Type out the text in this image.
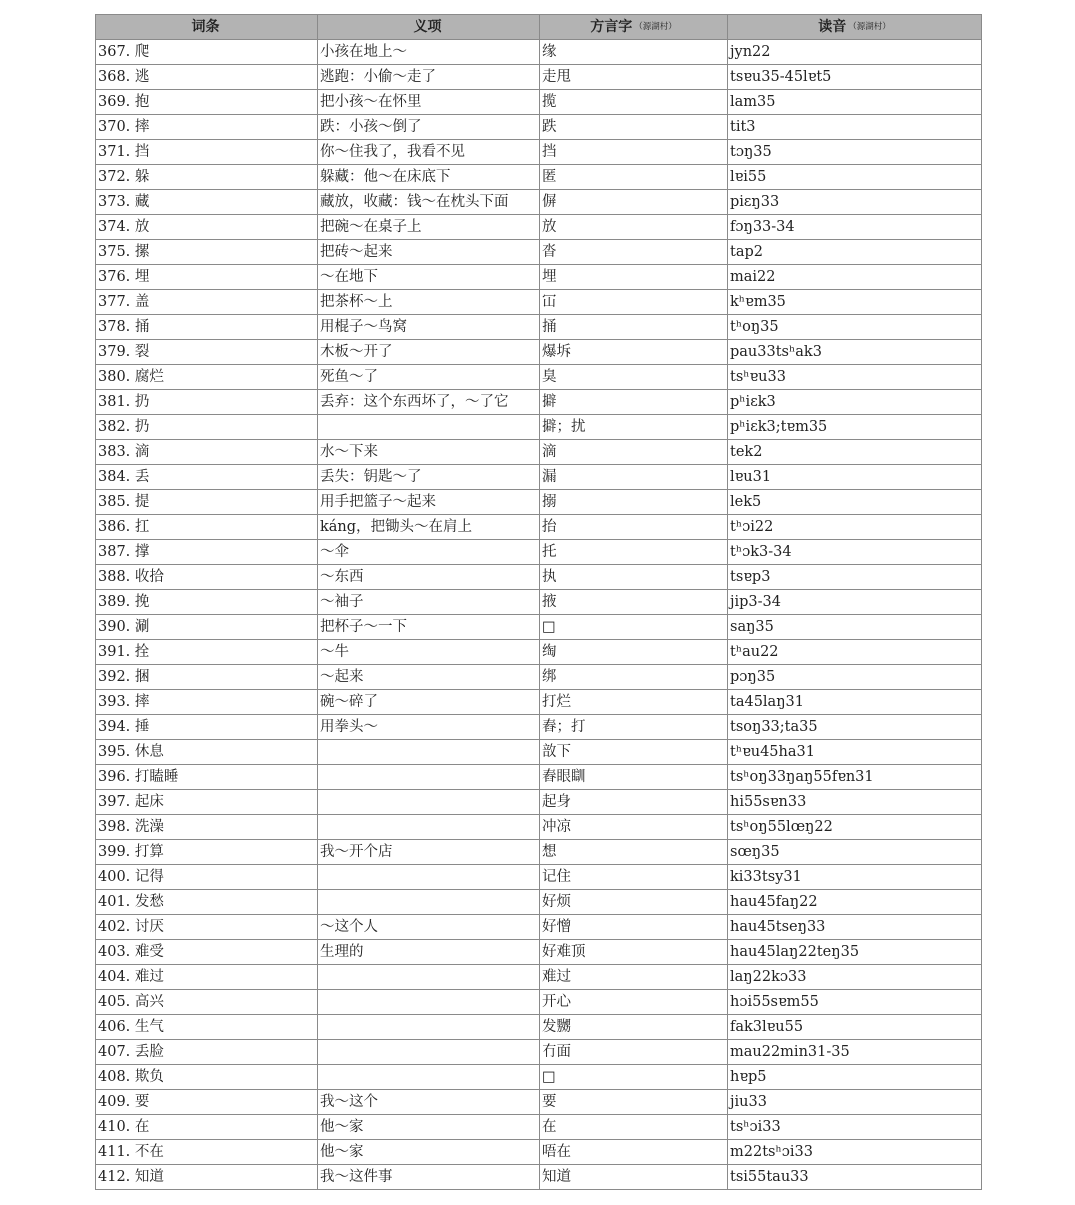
词条	义项	方言字 （源湖村）	读音 （源湖村）
367. 爬	小孩在地上～	缘	jyn22
368. 逃	逃跑：小偷～走了	走甩	tsɐu35-45lɐt5
369. 抱	把小孩～在怀里	揽	lam35
370. 摔	跌：小孩～倒了	跌	tit3
371. 挡	你～住我了，我看不见	挡	tɔŋ35
372. 躲	躲藏：他～在床底下	匿	lɐi55
373. 藏	藏放，收藏：钱～在枕头下面	偋	piɛŋ33
374. 放	把碗～在桌子上	放	fɔŋ33-34
375. 摞	把砖～起来	沓	tap2
376. 埋	～在地下	埋	mai22
377. 盖	把茶杯～上	冚	kʰɐm35
378. 捅	用棍子～鸟窝	捅	tʰoŋ35
379. 裂	木板～开了	爆坼	pau33tsʰak3
380. 腐烂	死鱼～了	臭	tsʰɐu33
381. 扔	丢弃：这个东西坏了，～了它	擗	pʰiɛk3
382. 扔		擗；扰	pʰiɛk3;tɐm35
383. 滴	水～下来	滴	tek2
384. 丢	丢失：钥匙～了	漏	lɐu31
385. 提	用手把篮子～起来	搦	lek5
386. 扛	káng，把锄头～在肩上	抬	tʰɔi22
387. 撑	～伞	托	tʰɔk3-34
388. 收拾	～东西	执	tsɐp3
389. 挽	～袖子	掖	jip3-34
390. 涮	把杯子～一下	□	saŋ35
391. 拴	～牛	绹	tʰau22
392. 捆	～起来	绑	pɔŋ35
393. 摔	碗～碎了	打烂	ta45laŋ31
394. 捶	用拳头～	舂；打	tsoŋ33;ta35
395. 休息		敨下	tʰɐu45ha31
396. 打瞌睡		舂眼瞓	tsʰoŋ33ŋaŋ55fɐn31
397. 起床		起身	hi55sɐn33
398. 洗澡		冲凉	tsʰoŋ55lœŋ22
399. 打算	我～开个店	想	sœŋ35
400. 记得		记住	ki33tsy31
401. 发愁		好烦	hau45faŋ22
402. 讨厌	～这个人	好憎	hau45tseŋ33
403. 难受	生理的	好难顶	hau45laŋ22teŋ35
404. 难过		难过	laŋ22kɔ33
405. 高兴		开心	hɔi55sɐm55
406. 生气		发嬲	fak3lɐu55
407. 丢脸		冇面	mau22min31-35
408. 欺负		□	hɐp5
409. 要	我～这个	要	jiu33
410. 在	他～家	在	tsʰɔi33
411. 不在	他～家	唔在	m22tsʰɔi33
412. 知道	我～这件事	知道	tsi55tau33
